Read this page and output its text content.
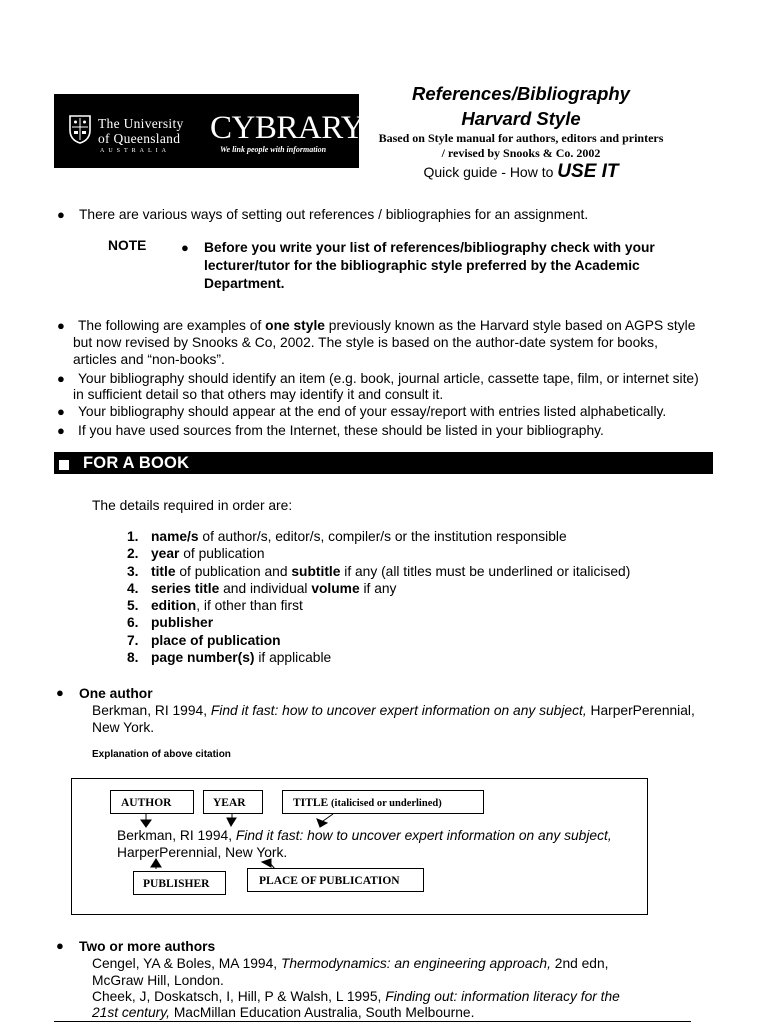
The University
of Queensland
AUSTRALIA
CYBRARY
We link people with information
References/Bibliography
Harvard Style
Based on Style manual for authors, editors and printers
/ revised by Snooks & Co. 2002
Quick guide - How to USE IT
● There are various ways of setting out references / bibliographies for an assignment.
NOTE	● Before you write your list of references/bibliography check with your
lecturer/tutor for the bibliographic style preferred by the Academic
Department.
● The following are examples of one style previously known as the Harvard style based on AGPS style
but now revised by Snooks & Co, 2002. The style is based on the author-date system for books,
articles and “non-books”.
● Your bibliography should identify an item (e.g. book, journal article, cassette tape, film, or internet site)
in sufficient detail so that others may identify it and consult it.
● Your bibliography should appear at the end of your essay/report with entries listed alphabetically.
● If you have used sources from the Internet, these should be listed in your bibliography.
FOR A BOOK
The details required in order are:
1. name/s of author/s, editor/s, compiler/s or the institution responsible
2. year of publication
3. title of publication and subtitle if any (all titles must be underlined or italicised)
4. series title and individual volume if any
5. edition, if other than first
6. publisher
7. place of publication
8. page number(s) if applicable
● One author
Berkman, RI 1994, Find it fast: how to uncover expert information on any subject, HarperPerennial,
New York.
Explanation of above citation
AUTHOR	YEAR	TITLE (italicised or underlined)
Berkman, RI 1994, Find it fast: how to uncover expert information on any subject,
HarperPerennial, New York.
PUBLISHER	PLACE OF PUBLICATION
● Two or more authors
Cengel, YA & Boles, MA 1994, Thermodynamics: an engineering approach, 2nd edn,
McGraw Hill, London.
Cheek, J, Doskatsch, I, Hill, P & Walsh, L 1995, Finding out: information literacy for the
21st century, MacMillan Education Australia, South Melbourne.
